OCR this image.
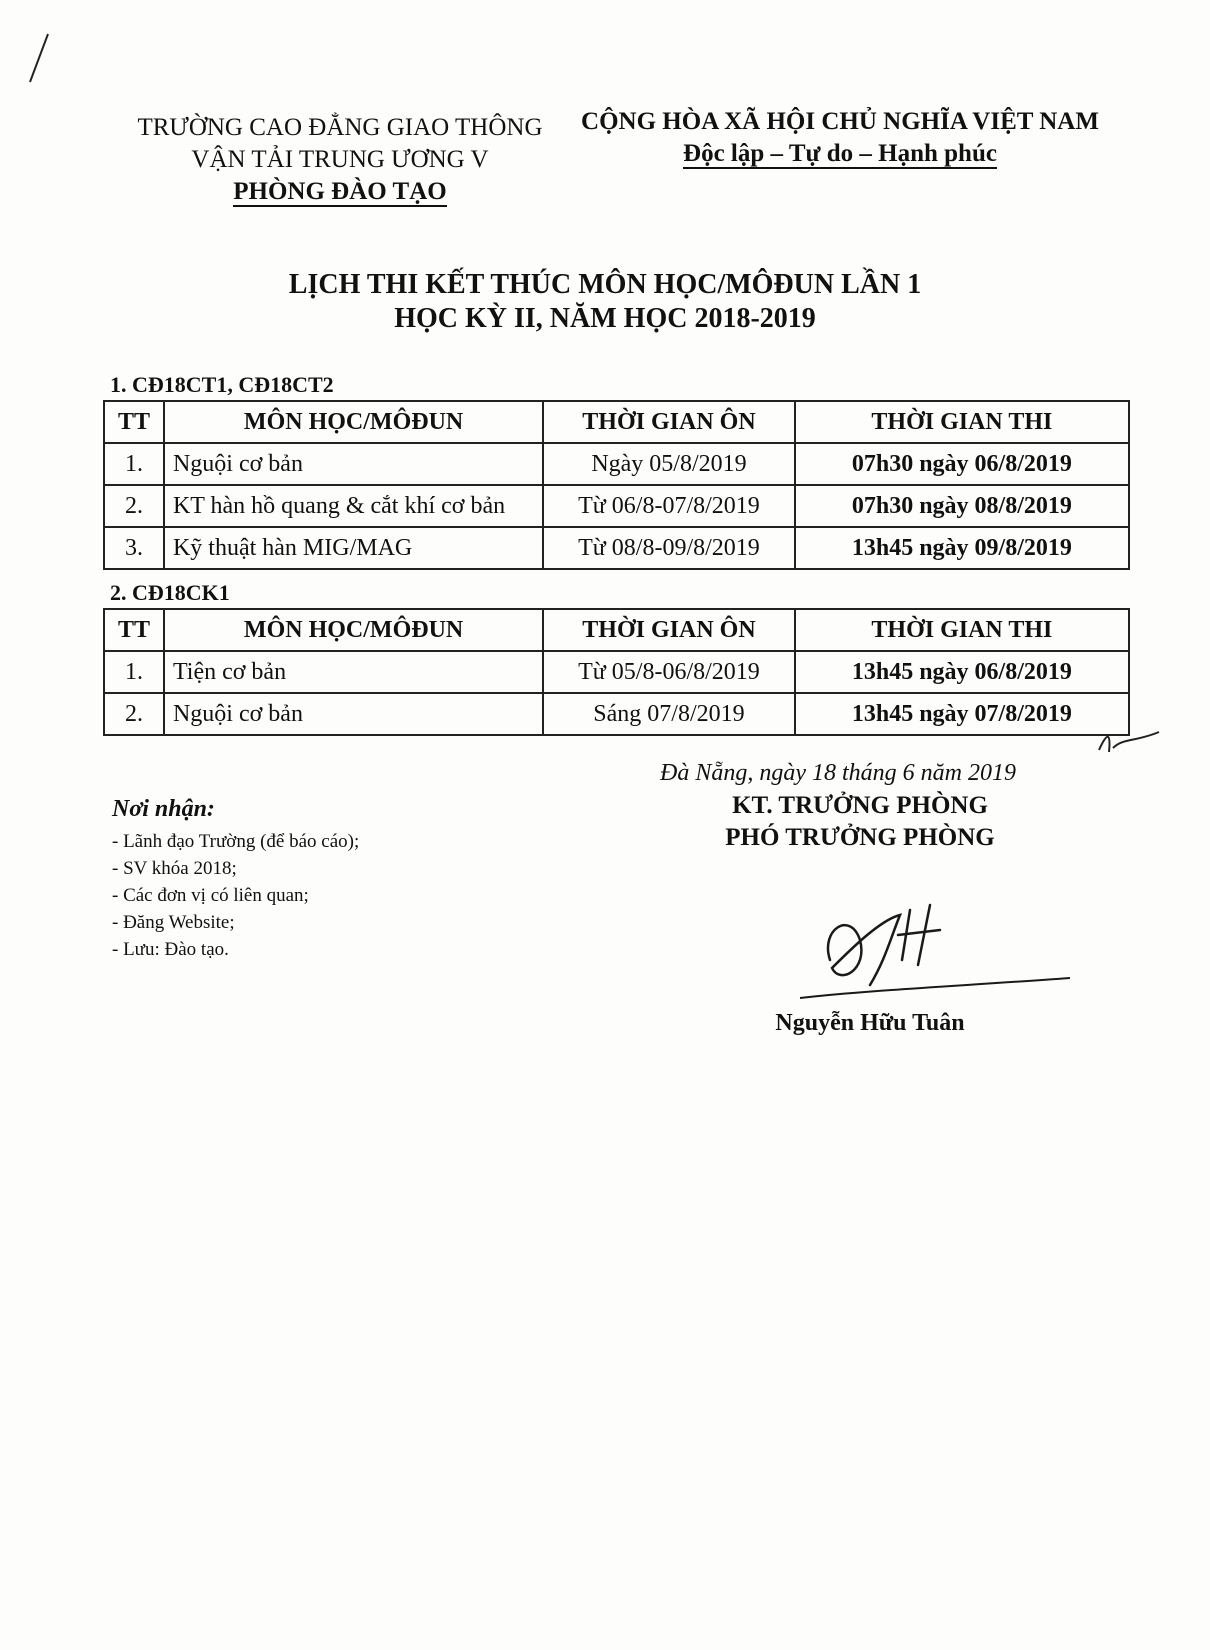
TRƯỜNG CAO ĐẲNG GIAO THÔNG
VẬN TẢI TRUNG ƯƠNG V
PHÒNG ĐÀO TẠO
CỘNG HÒA XÃ HỘI CHỦ NGHĨA VIỆT NAM
Độc lập – Tự do – Hạnh phúc
LỊCH THI KẾT THÚC MÔN HỌC/MÔĐUN LẦN 1
HỌC KỲ II, NĂM HỌC 2018-2019
1. CĐ18CT1, CĐ18CT2
TT	MÔN HỌC/MÔĐUN	THỜI GIAN ÔN	THỜI GIAN THI
1.	Nguội cơ bản	Ngày 05/8/2019	07h30 ngày 06/8/2019
2.	KT hàn hồ quang & cắt khí cơ bản	Từ 06/8-07/8/2019	07h30 ngày 08/8/2019
3.	Kỹ thuật hàn MIG/MAG	Từ 08/8-09/8/2019	13h45 ngày 09/8/2019
2. CĐ18CK1
TT	MÔN HỌC/MÔĐUN	THỜI GIAN ÔN	THỜI GIAN THI
1.	Tiện cơ bản	Từ 05/8-06/8/2019	13h45 ngày 06/8/2019
2.	Nguội cơ bản	Sáng 07/8/2019	13h45 ngày 07/8/2019
Đà Nẵng, ngày 18 tháng 6 năm 2019
KT. TRƯỞNG PHÒNG
PHÓ TRƯỞNG PHÒNG
Nguyễn Hữu Tuân
Nơi nhận:
- Lãnh đạo Trường (để báo cáo);
- SV khóa 2018;
- Các đơn vị có liên quan;
- Đăng Website;
- Lưu: Đào tạo.
